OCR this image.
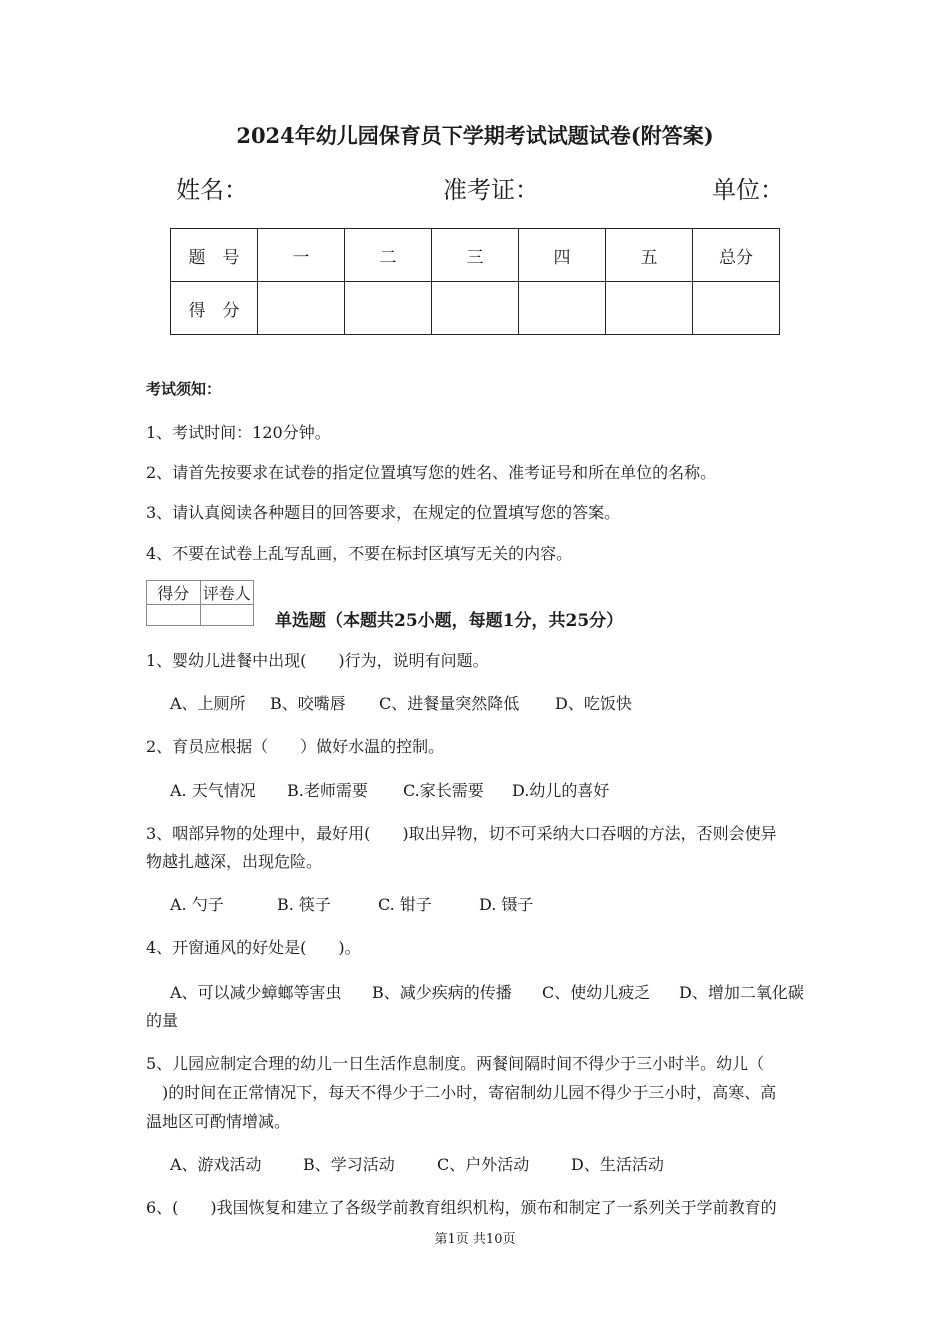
2024年幼儿园保育员下学期考试试题试卷(附答案)
姓名：	准考证：	单位：
题　号	一	二	三	四	五	总分
得　分						
考试须知：
1、考试时间：120分钟。
2、请首先按要求在试卷的指定位置填写您的姓名、准考证号和所在单位的名称。
3、请认真阅读各种题目的回答要求，在规定的位置填写您的答案。
4、不要在试卷上乱写乱画，不要在标封区填写无关的内容。
得分	评卷人

单选题（本题共25小题，每题1分，共25分）
1、婴幼儿进餐中出现(　　)行为，说明有问题。
A、上厕所 B、咬嘴唇 C、进餐量突然降低 D、吃饭快
2、育员应根据（　　）做好水温的控制。
A. 天气情况 B.老师需要 C.家长需要 D.幼儿的喜好
3、咽部异物的处理中，最好用(　　)取出异物，切不可采纳大口吞咽的方法，否则会使异
物越扎越深，出现危险。
A. 勺子	B. 筷子	C. 钳子	D. 镊子
4、开窗通风的好处是(　　)。
A、可以减少蟑螂等害虫 B、减少疾病的传播 C、使幼儿疲乏 D、增加二氧化碳
的量
5、儿园应制定合理的幼儿一日生活作息制度。两餐间隔时间不得少于三小时半。幼儿（
　)的时间在正常情况下，每天不得少于二小时，寄宿制幼儿园不得少于三小时，高寒、高
温地区可酌情增减。
A、游戏活动	B、学习活动	C、户外活动	D、生活活动
6、(　　)我国恢复和建立了各级学前教育组织机构，颁布和制定了一系列关于学前教育的
第1页 共10页
